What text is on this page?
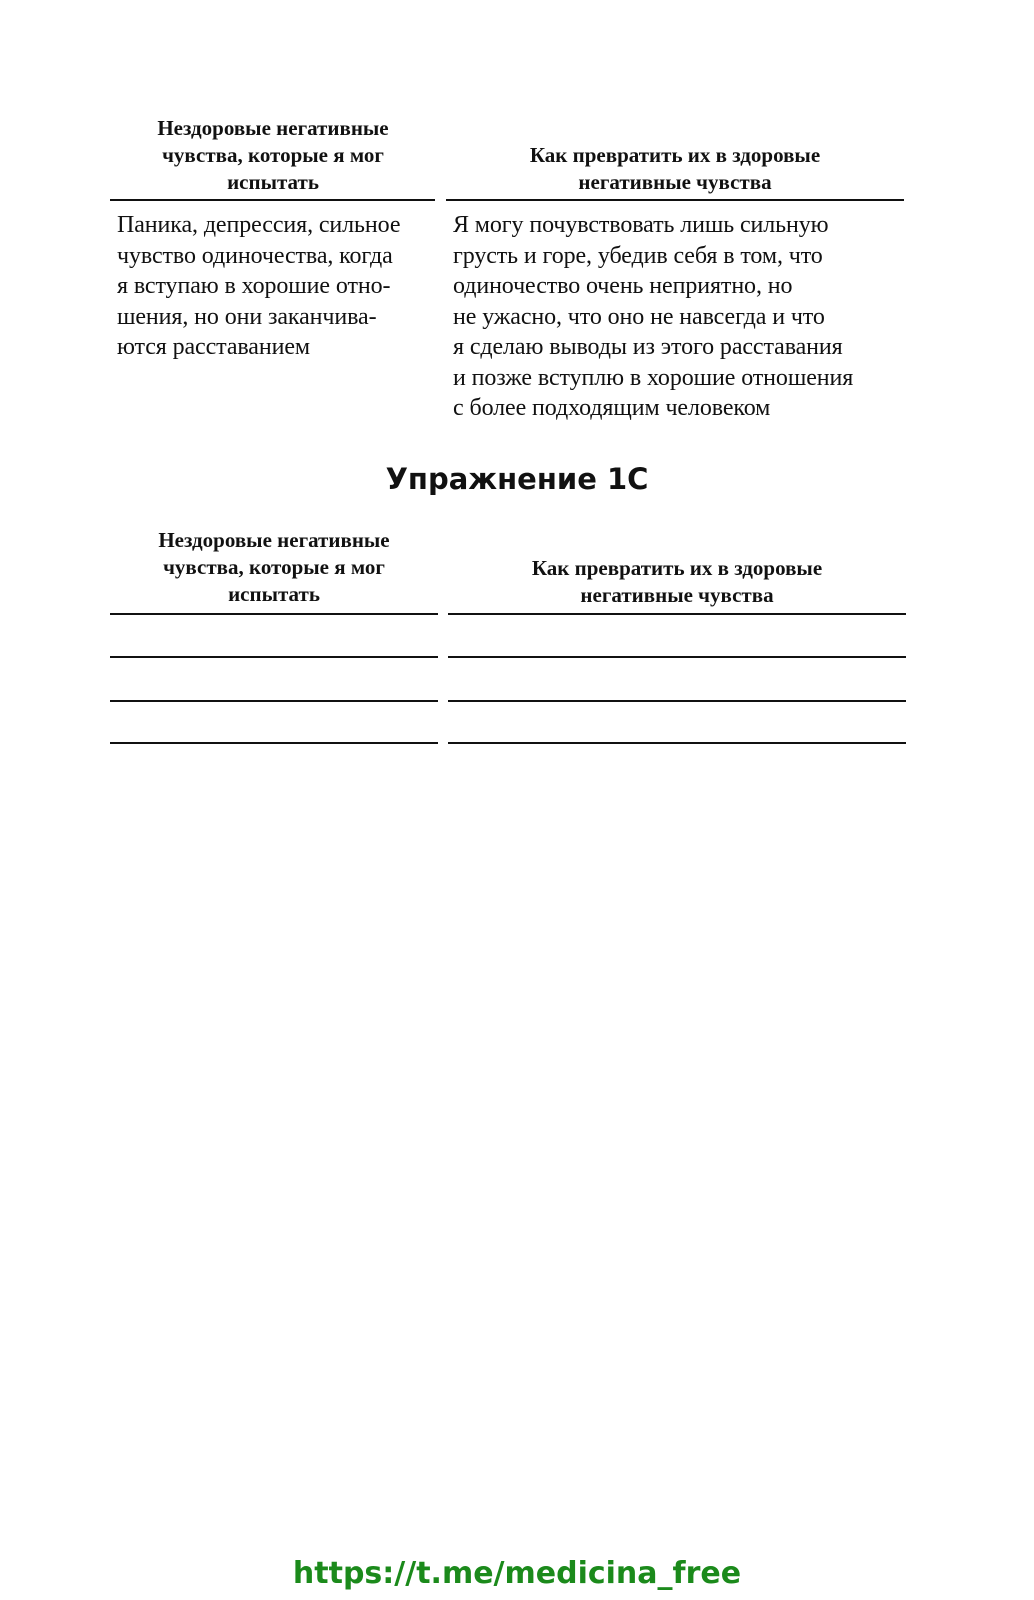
Нездоровые негативные
чувства, которые я мог
испытать
Как превратить их в здоровые
негативные чувства
Паника, депрессия, сильное
чувство одиночества, когда
я вступаю в хорошие отно-
шения, но они заканчива-
ются расставанием
Я могу почувствовать лишь сильную
грусть и горе, убедив себя в том, что
одиночество очень неприятно, но
не ужасно, что оно не навсегда и что
я сделаю выводы из этого расставания
и позже вступлю в хорошие отношения
с более подходящим человеком
Упражнение 1С
Нездоровые негативные
чувства, которые я мог
испытать
Как превратить их в здоровые
негативные чувства
https://t.me/medicina_free
